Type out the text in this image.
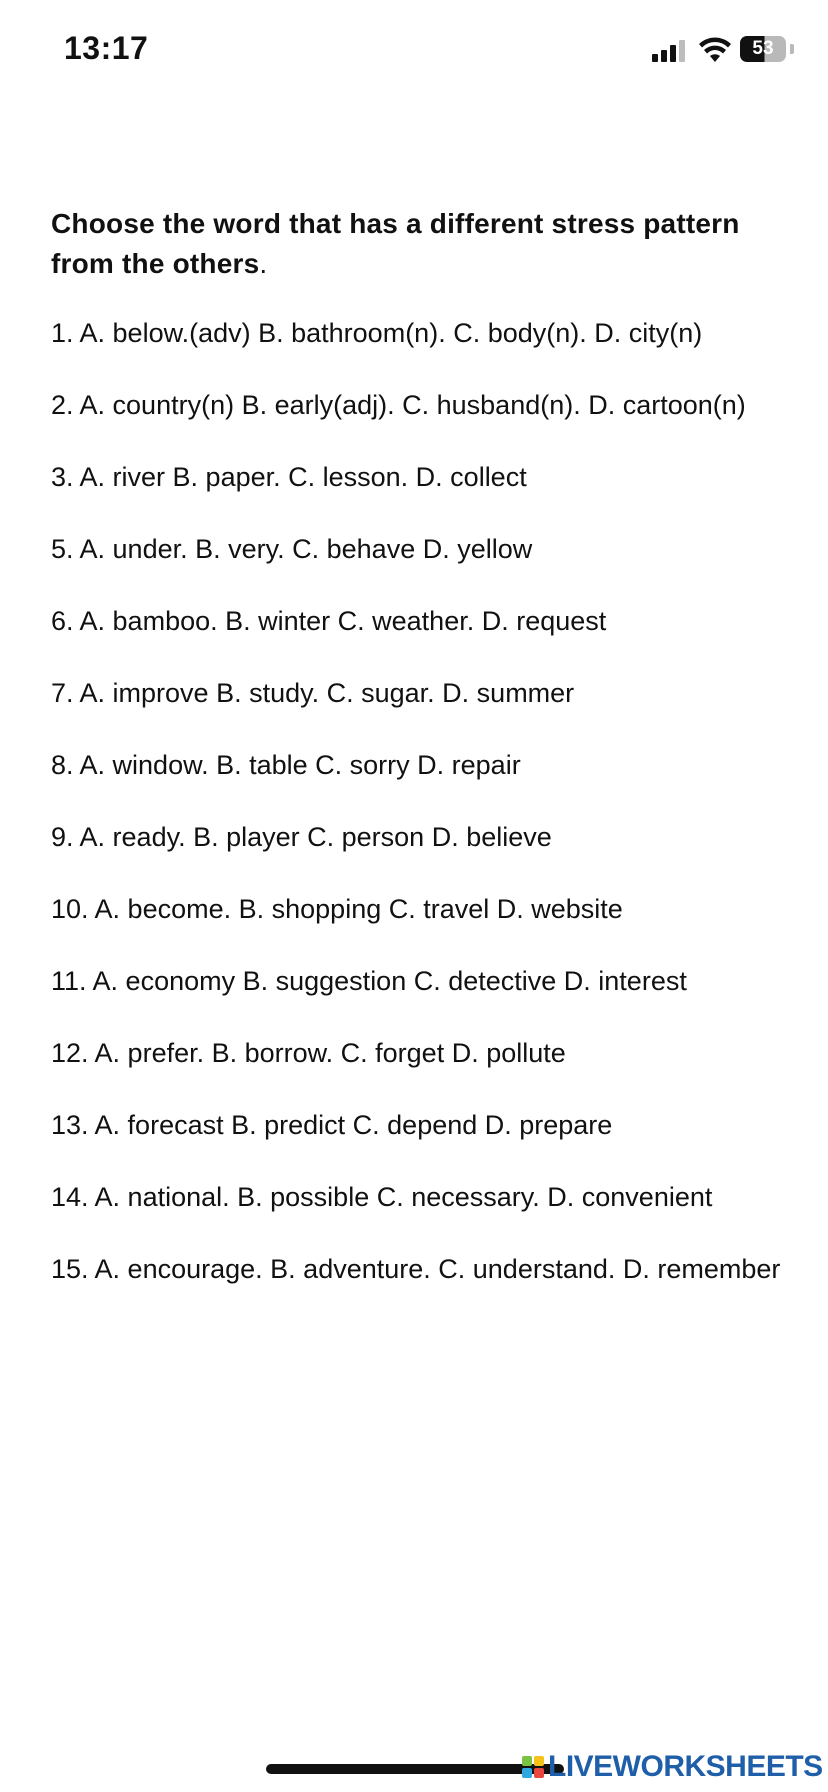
13:17	53

Choose the word that has a different stress pattern from the others.

1. A. below.(adv) B. bathroom(n). C. body(n). D. city(n)

2. A. country(n) B. early(adj). C. husband(n). D. cartoon(n)

3. A. river B. paper. C. lesson. D. collect

5. A. under. B. very. C. behave D. yellow

6. A. bamboo. B. winter C. weather. D. request

7. A. improve B. study. C. sugar. D. summer

8. A. window. B. table C. sorry D. repair

9. A. ready. B. player C. person D. believe

10. A. become. B. shopping C. travel D. website

11. A. economy B. suggestion C. detective D. interest

12. A. prefer. B. borrow. C. forget D. pollute

13. A. forecast B. predict C. depend D. prepare

14. A. national. B. possible C. necessary. D. convenient

15. A. encourage. B. adventure. C. understand. D. remember

LIVEWORKSHEETS
